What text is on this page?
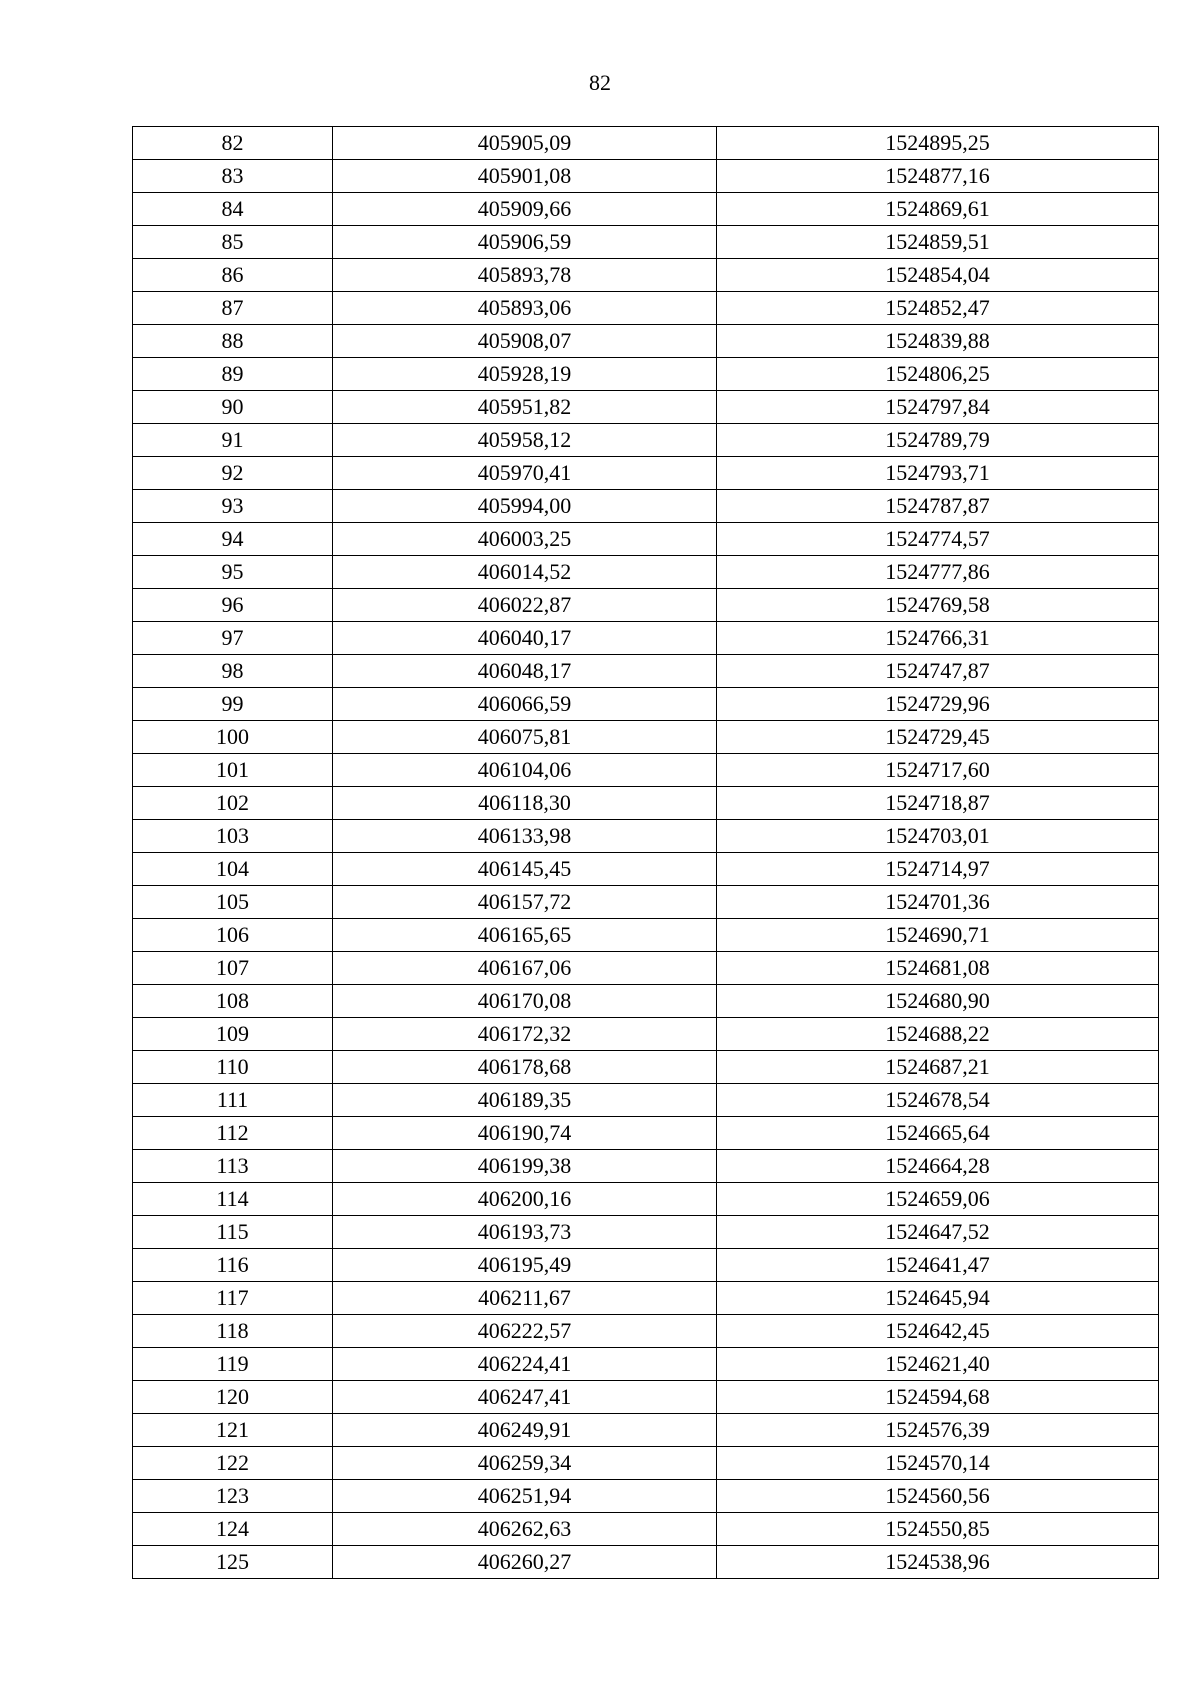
82
82	405905,09	1524895,25
83	405901,08	1524877,16
84	405909,66	1524869,61
85	405906,59	1524859,51
86	405893,78	1524854,04
87	405893,06	1524852,47
88	405908,07	1524839,88
89	405928,19	1524806,25
90	405951,82	1524797,84
91	405958,12	1524789,79
92	405970,41	1524793,71
93	405994,00	1524787,87
94	406003,25	1524774,57
95	406014,52	1524777,86
96	406022,87	1524769,58
97	406040,17	1524766,31
98	406048,17	1524747,87
99	406066,59	1524729,96
100	406075,81	1524729,45
101	406104,06	1524717,60
102	406118,30	1524718,87
103	406133,98	1524703,01
104	406145,45	1524714,97
105	406157,72	1524701,36
106	406165,65	1524690,71
107	406167,06	1524681,08
108	406170,08	1524680,90
109	406172,32	1524688,22
110	406178,68	1524687,21
111	406189,35	1524678,54
112	406190,74	1524665,64
113	406199,38	1524664,28
114	406200,16	1524659,06
115	406193,73	1524647,52
116	406195,49	1524641,47
117	406211,67	1524645,94
118	406222,57	1524642,45
119	406224,41	1524621,40
120	406247,41	1524594,68
121	406249,91	1524576,39
122	406259,34	1524570,14
123	406251,94	1524560,56
124	406262,63	1524550,85
125	406260,27	1524538,96
